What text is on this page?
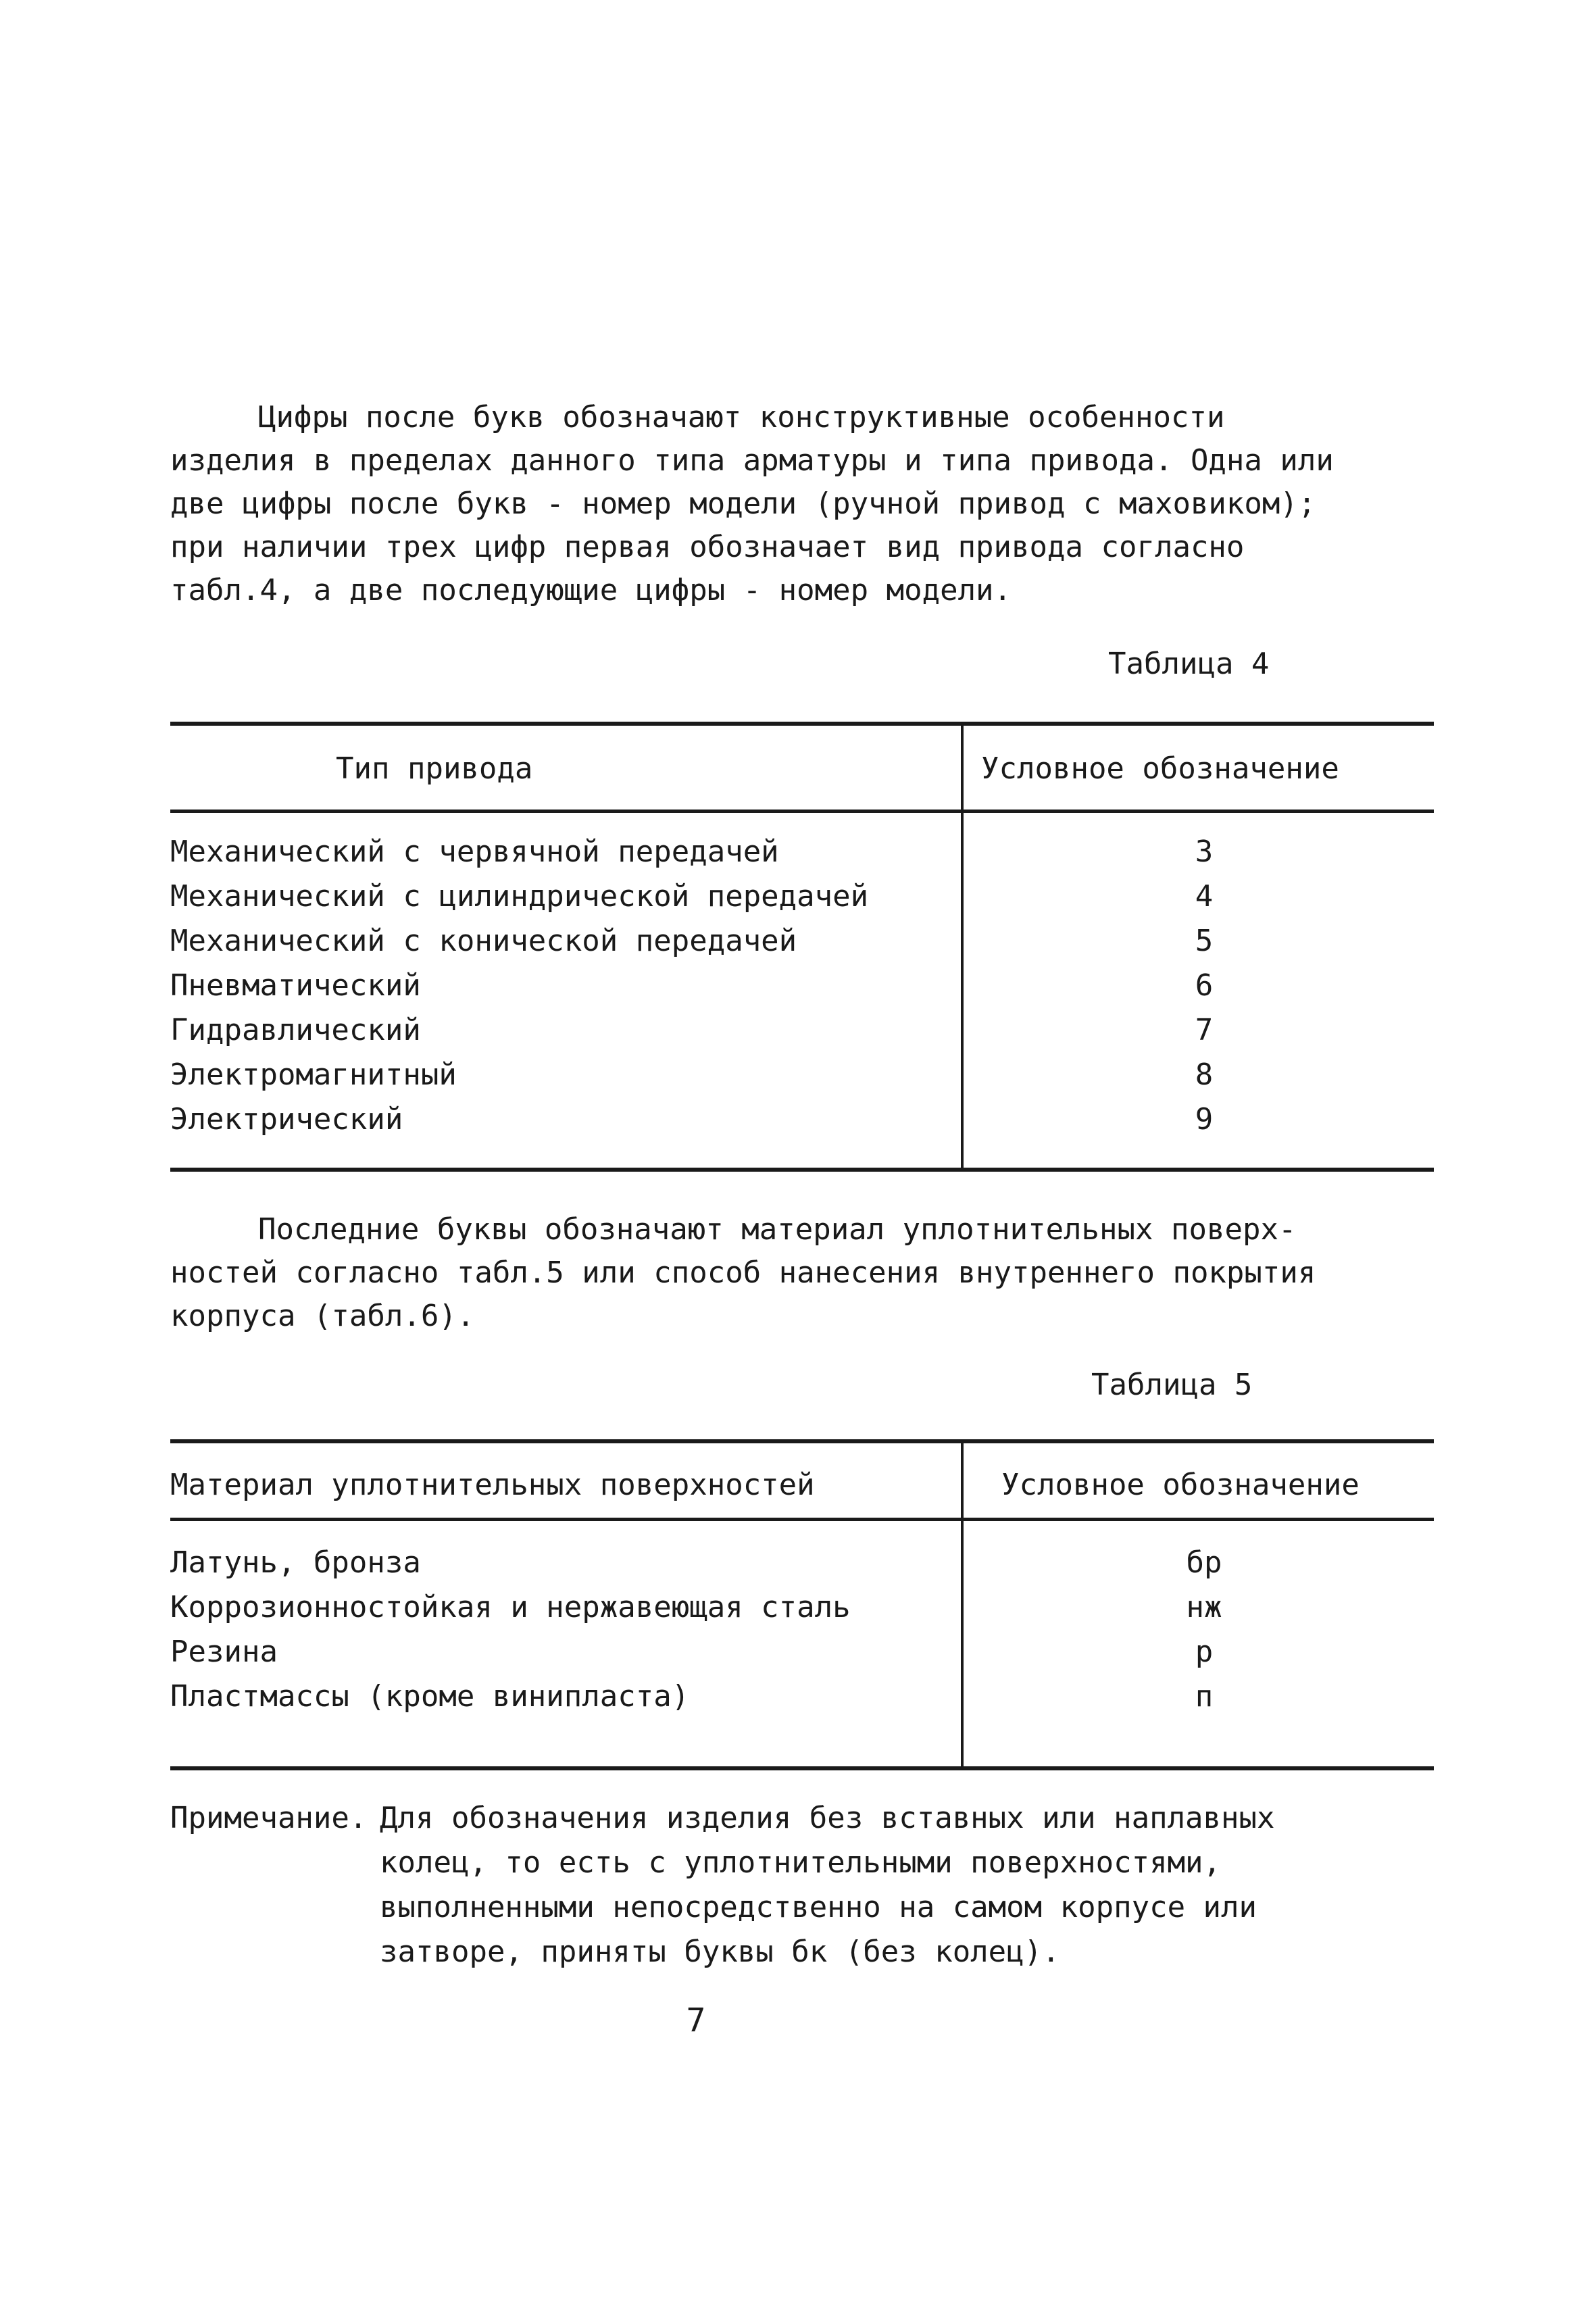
Цифры после букв обозначают конструктивные особенности
изделия в пределах данного типа арматуры и типа привода. Одна или
две цифры после букв - номер модели (ручной привод с маховиком);
при наличии трех цифр первая обозначает вид привода согласно
табл.4, а две последующие цифры - номер модели.
Таблица 4
Тип привода	Условное обозначение
Механический с червячной передачей	3
Механический с цилиндрической передачей	4
Механический с конической передачей	5
Пневматический	6
Гидравлический	7
Электромагнитный	8
Электрический	9
Последние буквы обозначают материал уплотнительных поверх-
ностей согласно табл.5 или способ нанесения внутреннего покрытия
корпуса (табл.6).
Таблица 5
Материал уплотнительных поверхностей	Условное обозначение
Латунь, бронза	бр
Коррозионностойкая и нержавеющая сталь	нж
Резина	р
Пластмассы (кроме винипласта)	п
Примечание. Для обозначения изделия без вставных или наплавных
колец, то есть с уплотнительными поверхностями,
выполненными непосредственно на самом корпусе или
затворе, приняты буквы бк (без колец).
7
